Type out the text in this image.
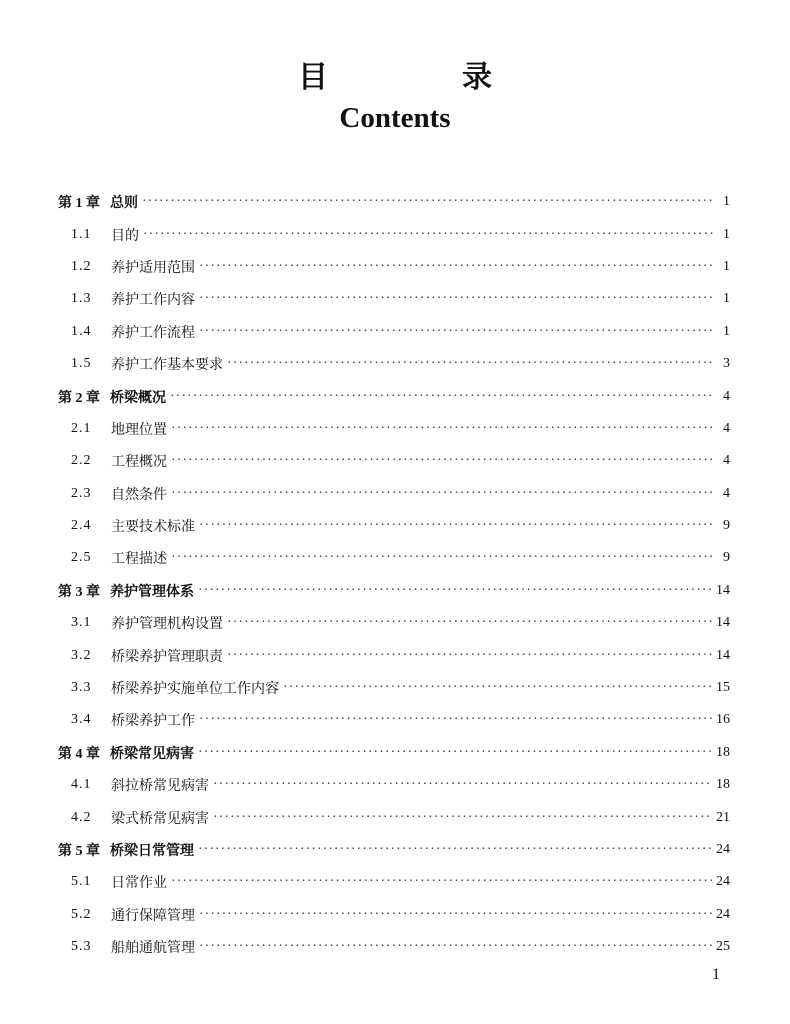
目　录
Contents
第 1 章 总则 ·····	1
1.1	目的 ·····	1
1.2	养护适用范围 ·····	1
1.3	养护工作内容 ·····	1
1.4	养护工作流程 ·····	1
1.5	养护工作基本要求 ·····	3
第 2 章 桥梁概况 ·····	4
2.1	地理位置 ·····	4
2.2	工程概况 ·····	4
2.3	自然条件 ·····	4
2.4	主要技术标准 ·····	9
2.5	工程描述 ·····	9
第 3 章 养护管理体系 ·····	14
3.1	养护管理机构设置 ·····	14
3.2	桥梁养护管理职责 ·····	14
3.3	桥梁养护实施单位工作内容 ·····	15
3.4	桥梁养护工作 ·····	16
第 4 章 桥梁常见病害 ·····	18
4.1	斜拉桥常见病害 ·····	18
4.2	梁式桥常见病害 ·····	21
第 5 章 桥梁日常管理 ·····	24
5.1	日常作业 ·····	24
5.2	通行保障管理 ·····	24
5.3	船舶通航管理 ·····	25
1
